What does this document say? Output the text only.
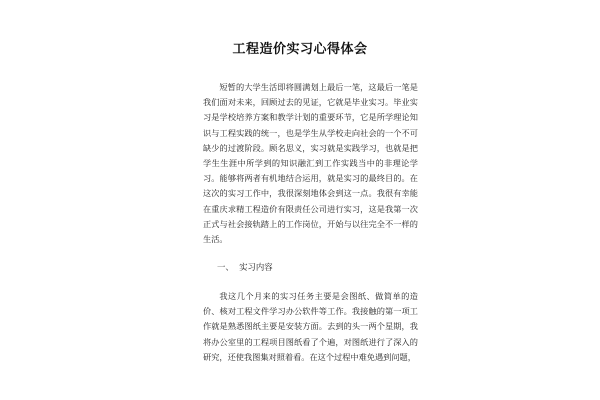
工程造价实习心得体会

短暂的大学生活即将圆满划上最后一笔，这最后一笔是我们面对未来，回顾过去的见证，它就是毕业实习。毕业实习是学校培养方案和教学计划的重要环节，它是所学理论知识与工程实践的统一，也是学生从学校走向社会的一个不可缺少的过渡阶段。顾名思义，实习就是实践学习，也就是把学生生涯中所学到的知识融汇到工作实践当中的非理论学习。能够将两者有机地结合运用，就是实习的最终目的。在这次的实习工作中，我很深刻地体会到这一点。我很有幸能在重庆求精工程造价有限责任公司进行实习，这是我第一次正式与社会接轨踏上的工作岗位，开始与以往完全不一样的生活。

一、  实习内容

我这几个月来的实习任务主要是会图纸、做简单的造价、核对工程文件学习办公软件等工作。我接触的第一项工作就是熟悉图纸主要是安装方面。去到的头一两个星期，我将办公室里的工程项目图纸看了个遍，对图纸进行了深入的研究，还使我图集对照着看。在这个过程中难免遇到问题，
